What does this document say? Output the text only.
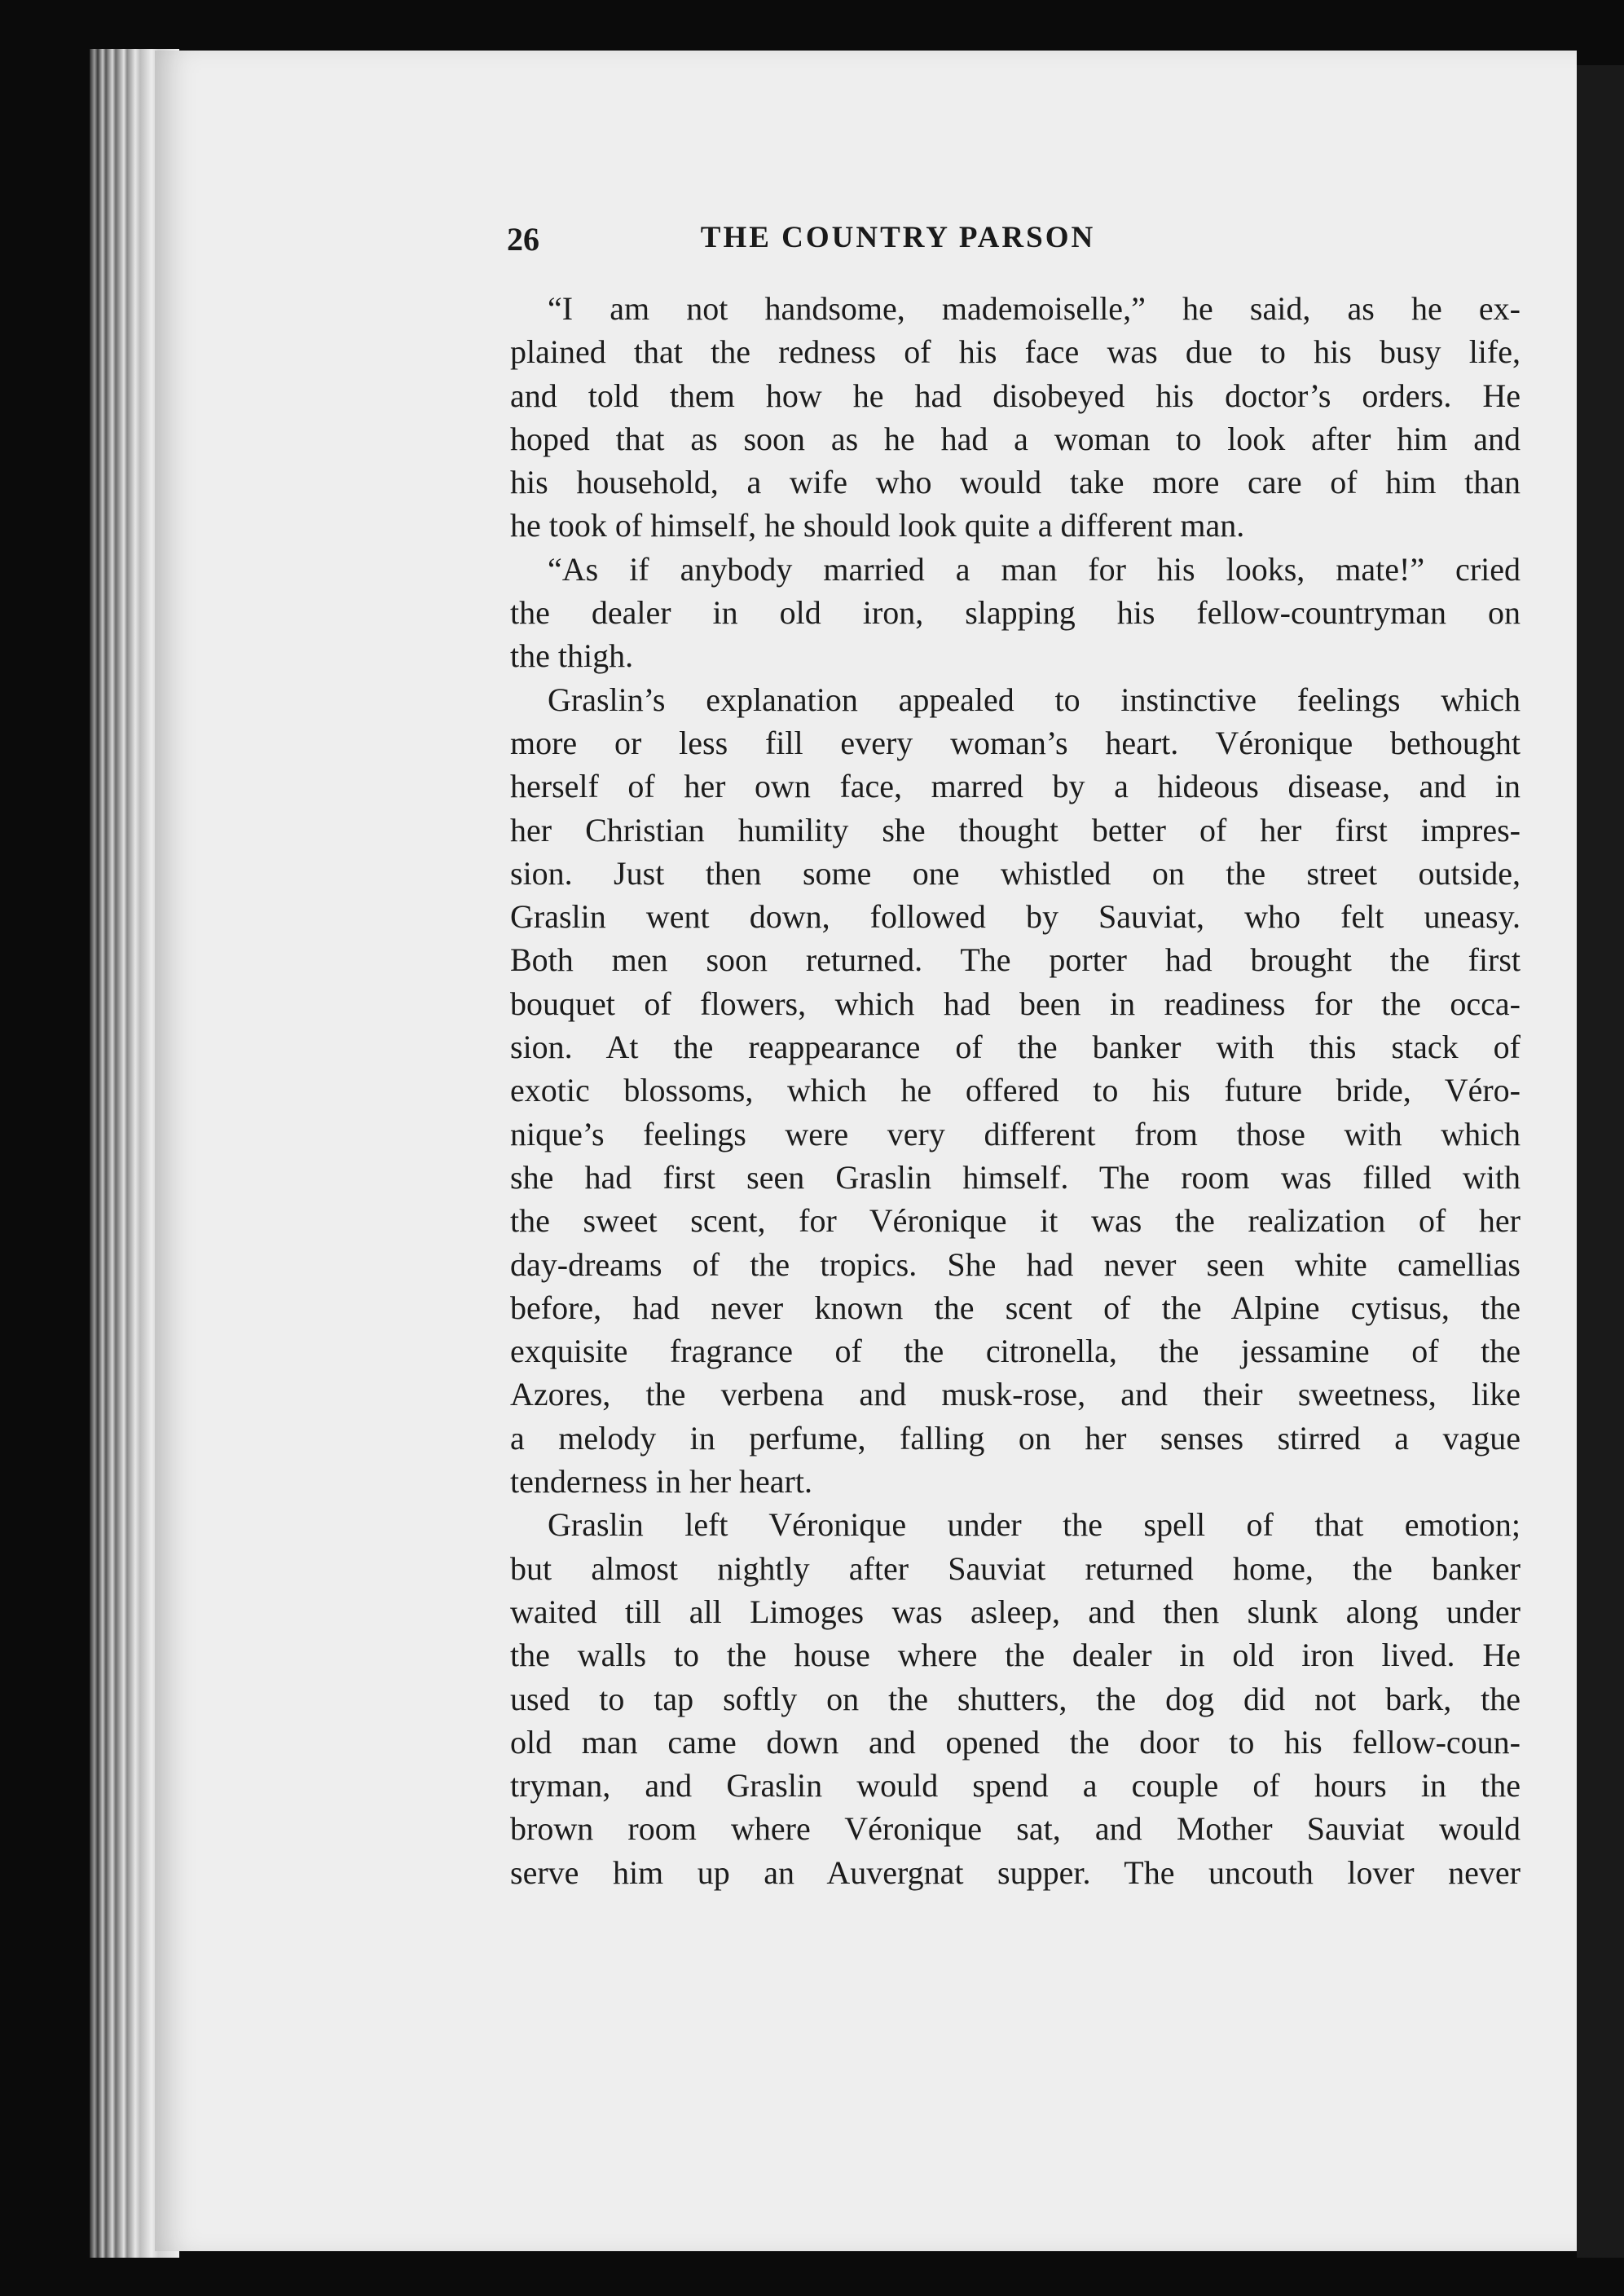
26	THE COUNTRY PARSON
“I am not handsome, mademoiselle,” he said, as he ex-
plained that the redness of his face was due to his busy life,
and told them how he had disobeyed his doctor’s orders. He
hoped that as soon as he had a woman to look after him and
his household, a wife who would take more care of him than
he took of himself, he should look quite a different man.
“As if anybody married a man for his looks, mate!” cried
the dealer in old iron, slapping his fellow-countryman on
the thigh.
Graslin’s explanation appealed to instinctive feelings which
more or less fill every woman’s heart. Véronique bethought
herself of her own face, marred by a hideous disease, and in
her Christian humility she thought better of her first impres-
sion. Just then some one whistled on the street outside,
Graslin went down, followed by Sauviat, who felt uneasy.
Both men soon returned. The porter had brought the first
bouquet of flowers, which had been in readiness for the occa-
sion. At the reappearance of the banker with this stack of
exotic blossoms, which he offered to his future bride, Véro-
nique’s feelings were very different from those with which
she had first seen Graslin himself. The room was filled with
the sweet scent, for Véronique it was the realization of her
day-dreams of the tropics. She had never seen white camellias
before, had never known the scent of the Alpine cytisus, the
exquisite fragrance of the citronella, the jessamine of the
Azores, the verbena and musk-rose, and their sweetness, like
a melody in perfume, falling on her senses stirred a vague
tenderness in her heart.
Graslin left Véronique under the spell of that emotion;
but almost nightly after Sauviat returned home, the banker
waited till all Limoges was asleep, and then slunk along under
the walls to the house where the dealer in old iron lived. He
used to tap softly on the shutters, the dog did not bark, the
old man came down and opened the door to his fellow-coun-
tryman, and Graslin would spend a couple of hours in the
brown room where Véronique sat, and Mother Sauviat would
serve him up an Auvergnat supper. The uncouth lover never
